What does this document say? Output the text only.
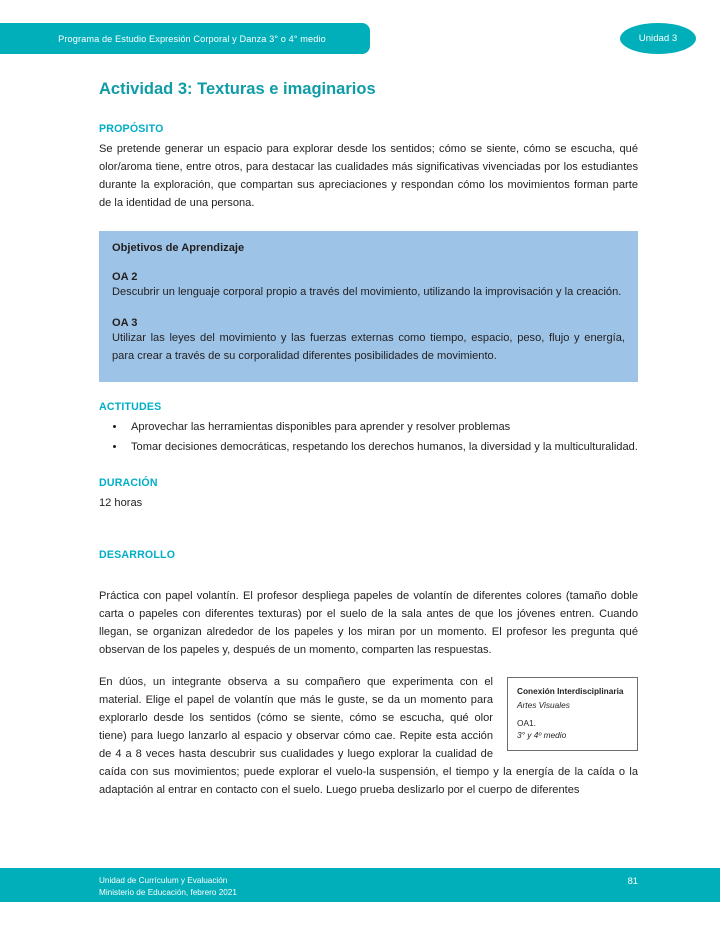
Programa de Estudio Expresión Corporal y Danza 3° o 4° medio	Unidad 3
Actividad 3: Texturas e imaginarios
PROPÓSITO

Se pretende generar un espacio para explorar desde los sentidos; cómo se siente, cómo se escucha, qué olor/aroma tiene, entre otros, para destacar las cualidades más significativas vivenciadas por los estudiantes durante la exploración, que compartan sus apreciaciones y respondan cómo los movimientos forman parte de la identidad de una persona.

Objetivos de Aprendizaje
OA 2

Descubrir un lenguaje corporal propio a través del movimiento, utilizando la improvisación y la creación.

OA 3

Utilizar las leyes del movimiento y las fuerzas externas como tiempo, espacio, peso, flujo y energía, para crear a través de su corporalidad diferentes posibilidades de movimiento.

ACTITUDES
Aprovechar las herramientas disponibles para aprender y resolver problemas
Tomar decisiones democráticas, respetando los derechos humanos, la diversidad y la multiculturalidad.
DURACIÓN

12 horas

DESARROLLO

Práctica con papel volantín. El profesor despliega papeles de volantín de diferentes colores (tamaño doble carta o papeles con diferentes texturas) por el suelo de la sala antes de que los jóvenes entren. Cuando llegan, se organizan alrededor de los papeles y los miran por un momento. El profesor les pregunta qué observan de los papeles y, después de un momento, comparten las respuestas.

Conexión Interdisciplinaria

Artes Visuales

OA1.

3° y 4º medio

En dúos, un integrante observa a su compañero que experimenta con el material. Elige el papel de volantín que más le guste, se da un momento para explorarlo desde los sentidos (cómo se siente, cómo se escucha, qué olor tiene) para luego lanzarlo al espacio y observar cómo cae. Repite esta acción de 4 a 8 veces hasta descubrir sus cualidades y luego explorar la cualidad de caída con sus movimientos; puede explorar el vuelo-la suspensión, el tiempo y la energía de la caída o la adaptación al entrar en contacto con el suelo. Luego prueba deslizarlo por el cuerpo de diferentes

Unidad de Currículum y Evaluación
Ministerio de Educación, febrero 2021
81
